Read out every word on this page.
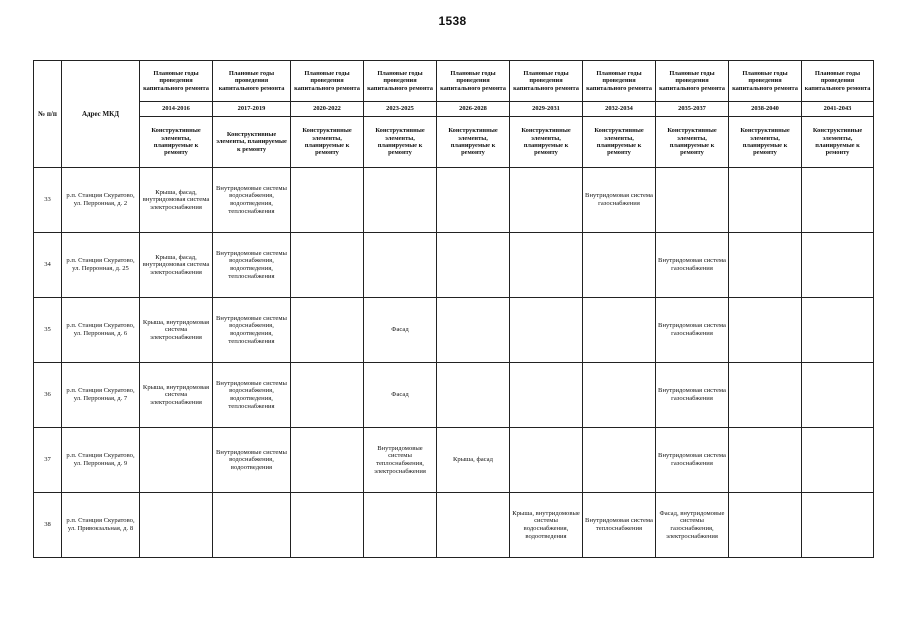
1538
№ п/п	Адрес МКД	Плановые годы проведения капитального ремонта	Плановые годы проведения капитального ремонта	Плановые годы проведения капитального ремонта	Плановые годы проведения капитального ремонта	Плановые годы проведения капитального ремонта	Плановые годы проведения капитального ремонта	Плановые годы проведения капитального ремонта	Плановые годы проведения капитального ремонта	Плановые годы проведения капитального ремонта	Плановые годы проведения капитального ремонта
		2014-2016	2017-2019	2020-2022	2023-2025	2026-2028	2029-2031	2032-2034	2035-2037	2038-2040	2041-2043
		Конструктивные элементы, планируемые к ремонту	Конструктивные элементы, планируемые к ремонту	Конструктивные элементы, планируемые к ремонту	Конструктивные элементы, планируемые к ремонту	Конструктивные элементы, планируемые к ремонту	Конструктивные элементы, планируемые к ремонту	Конструктивные элементы, планируемые к ремонту	Конструктивные элементы, планируемые к ремонту	Конструктивные элементы, планируемые к ремонту	Конструктивные элементы, планируемые к ремонту
33	р.п. Станция Скуратово, ул. Перронная, д. 2	Крыша, фасад, внутридомовая система электроснабжения	Внутридомовые системы водоснабжения, водоотведения, теплоснабжения					Внутридомовая система газоснабжения			
34	р.п. Станция Скуратово, ул. Перронная, д. 25	Крыша, фасад, внутридомовая система электроснабжения	Внутридомовые системы водоснабжения, водоотведения, теплоснабжения						Внутридомовая система газоснабжения		
35	р.п. Станция Скуратово, ул. Перронная, д. 6	Крыша, внутридомовая система электроснабжения	Внутридомовые системы водоснабжения, водоотведения, теплоснабжения		Фасад				Внутридомовая система газоснабжения		
36	р.п. Станция Скуратово, ул. Перронная, д. 7	Крыша, внутридомовая система электроснабжения	Внутридомовые системы водоснабжения, водоотведения, теплоснабжения		Фасад				Внутридомовая система газоснабжения		
37	р.п. Станция Скуратово, ул. Перронная, д. 9		Внутридомовые системы водоснабжения, водоотведения		Внутридомовые системы теплоснабжения, электроснабжения	Крыша, фасад			Внутридомовая система газоснабжения		
38	р.п. Станция Скуратово, ул. Привокзальная, д. 8						Крыша, внутридомовые системы водоснабжения, водоотведения	Внутридомовая система теплоснабжения	Фасад, внутридомовые системы газоснабжения, электроснабжения		
